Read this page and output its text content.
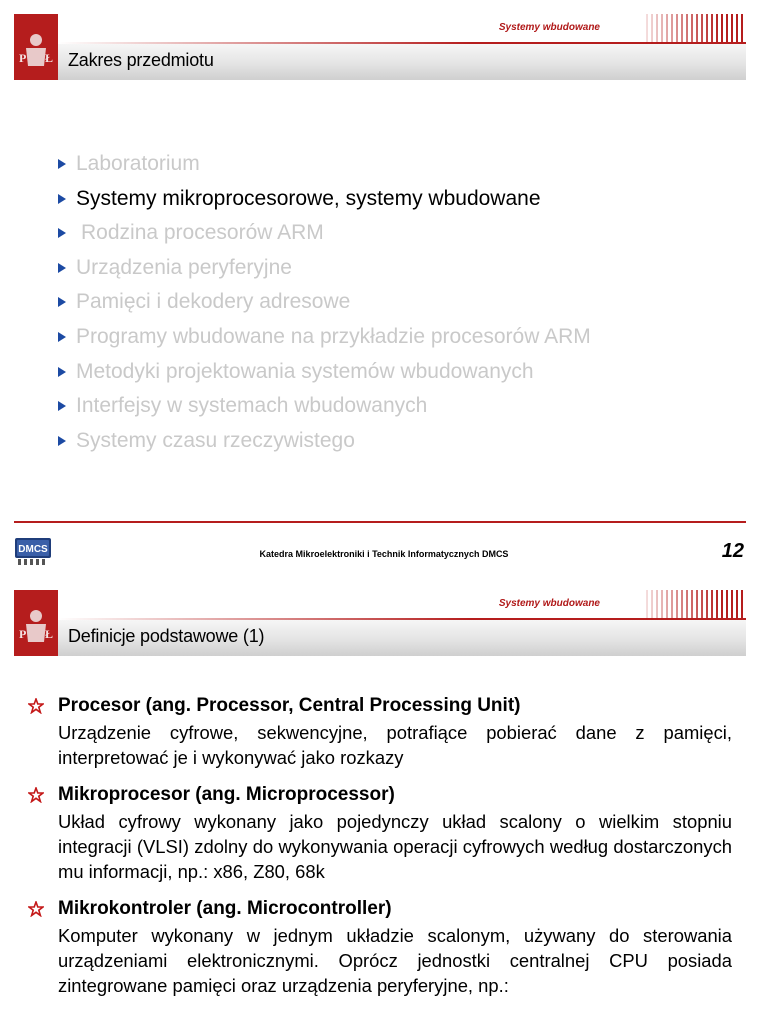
P Ł
Systemy wbudowane
Zakres przedmiotu
Laboratorium
Systemy mikroprocesorowe, systemy wbudowane
Rodzina procesorów ARM
Urządzenia peryferyjne
Pamięci i dekodery adresowe
Programy wbudowane na przykładzie procesorów ARM
Metodyki projektowania systemów wbudowanych
Interfejsy w systemach wbudowanych
Systemy czasu rzeczywistego
DMCS	Katedra Mikroelektroniki i Technik Informatycznych DMCS	12
P Ł
Systemy wbudowane
Definicje podstawowe (1)
Procesor (ang. Processor, Central Processing Unit)
Urządzenie cyfrowe, sekwencyjne, potrafiące pobierać dane z pamięci, interpretować je i wykonywać jako rozkazy
Mikroprocesor (ang. Microprocessor)
Układ cyfrowy wykonany jako pojedynczy układ scalony o wielkim stopniu integracji (VLSI) zdolny do wykonywania operacji cyfrowych według dostarczonych mu informacji, np.: x86, Z80, 68k
Mikrokontroler (ang. Microcontroller)
Komputer wykonany w jednym układzie scalonym, używany do sterowania urządzeniami elektronicznymi. Oprócz jednostki centralnej CPU posiada zintegrowane pamięci oraz urządzenia peryferyjne, np.:
